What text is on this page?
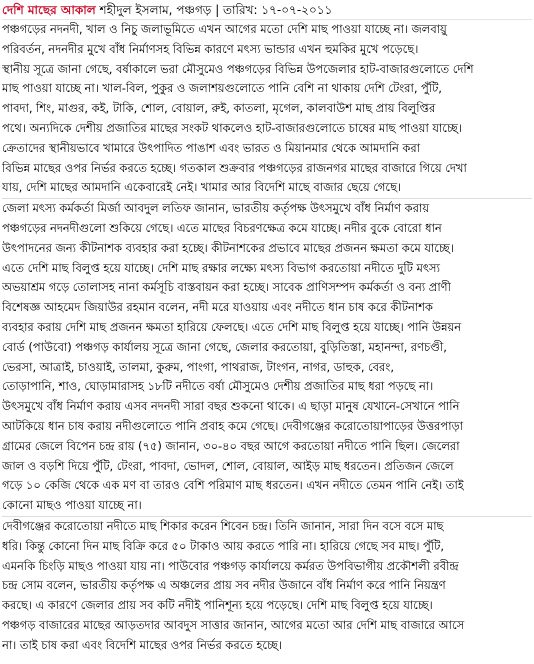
দেশি মাছের আকাল শহীদুল ইসলাম, পঞ্চগড় | তারিখ: ১৭-০৭-২০১১
পঞ্চগড়ের নদনদী, খাল ও নিচু জলাভূমিতে এখন আগের মতো দেশি মাছ পাওয়া যাচ্ছে না। জলবায়ু
পরিবর্তন, নদনদীর মুখে বাঁধ নির্মাণসহ বিভিন্ন কারণে মৎস্য ভান্ডার এখন হুমকির মুখে পড়েছে।
স্থানীয় সূত্রে জানা গেছে, বর্ষাকালে ভরা মৌসুমেও পঞ্চগড়ের বিভিন্ন উপজেলার হাট-বাজারগুলোতে দেশি
মাছ পাওয়া যাচ্ছে না। খাল-বিল, পুকুর ও জলাশয়গুলোতে পানি বেশি না থাকায় দেশি টেংরা, পুঁটি,
পাবদা, শিং, মাগুর, কই, টাকি, শোল, বোয়াল, রুই, কাতলা, মৃগেল, কালবাউশ মাছ প্রায় বিলুপ্তির
পথে। অন্যদিকে দেশীয় প্রজাতির মাছের সংকট থাকলেও হাট-বাজারগুলোতে চাষের মাছ পাওয়া যাচ্ছে।
ক্রেতাদের স্থানীয়ভাবে খামারে উৎপাদিত পাঙাশ এবং ভারত ও মিয়ানমার থেকে আমদানি করা
বিভিন্ন মাছের ওপর নির্ভর করতে হচ্ছে। গতকাল শুক্রবার পঞ্চগড়ের রাজনগর মাছের বাজারে গিয়ে দেখা
যায়, দেশি মাছের আমদানি একেবারেই নেই। খামার আর বিদেশি মাছে বাজার ছেয়ে গেছে।
জেলা মৎস্য কর্মকর্তা মির্জা আবদুল লতিফ জানান, ভারতীয় কর্তৃপক্ষ উৎসমুখে বাঁধ নির্মাণ করায়
পঞ্চগড়ের নদনদীগুলো শুকিয়ে গেছে। এতে মাছের বিচরণক্ষেত্র কমে যাচ্ছে। নদীর বুকে বোরো ধান
উৎপাদনের জন্য কীটনাশক ব্যবহার করা হচ্ছে। কীটনাশকের প্রভাবে মাছের প্রজনন ক্ষমতা কমে যাচ্ছে।
এতে দেশি মাছ বিলুপ্ত হয়ে যাচ্ছে। দেশি মাছ রক্ষার লক্ষ্যে মৎস্য বিভাগ করতোয়া নদীতে দুটি মৎস্য
অভয়াশ্রম গড়ে তোলাসহ নানা কর্মসূচি বাস্তবায়ন করা হচ্ছে। সাবেক প্রাণিসম্পদ কর্মকর্তা ও বন্য প্রাণী
বিশেষজ্ঞ আহমেদ জিয়াউর রহমান বলেন, নদী মরে যাওয়ায় এবং নদীতে ধান চাষ করে কীটনাশক
ব্যবহার করায় দেশি মাছ প্রজনন ক্ষমতা হারিয়ে ফেলছে। এতে দেশি মাছ বিলুপ্ত হয়ে যাচ্ছে। পানি উন্নয়ন
বোর্ড (পাউবো) পঞ্চগড় কার্যালয় সূত্রে জানা গেছে, জেলার করতোয়া, বুড়িতিস্তা, মহানন্দা, রণচণ্ডী,
ভেরসা, আত্রাই, চাওয়াই, তালমা, কুরুম, পাংগা, পাথরাজ, টাংগন, নাগর, ডাহুক, বেরং,
তোড়াপানি, শাও, ঘোড়ামারাসহ ১৮টি নদীতে বর্ষা মৌসুমেও দেশীয় প্রজাতির মাছ ধরা পড়ছে না।
উৎসমুখে বাঁধ নির্মাণ করায় এসব নদনদী সারা বছর শুকনো থাকে। এ ছাড়া মানুষ যেখানে-সেখানে পানি
আটকিয়ে ধান চাষ করায় নদীগুলোতে পানি প্রবাহ কমে গেছে। দেবীগঞ্জের করোতোয়াপাড়ের উত্তরপাড়া
গ্রামের জেলে বিপেন চন্দ্র রায় (৭৫) জানান, ৩০-৪০ বছর আগে করতোয়া নদীতে পানি ছিল। জেলেরা
জাল ও বড়শি দিয়ে পুঁটি, টেংরা, পাবদা, ভোদল, শোল, বোয়াল, আইড় মাছ ধরতেন। প্রতিজন জেলে
গড়ে ১০ কেজি থেকে এক মণ বা তারও বেশি পরিমাণ মাছ ধরতেন। এখন নদীতে তেমন পানি নেই। তাই
কোনো মাছও পাওয়া যাচ্ছে না।
দেবীগঞ্জের করোতোয়া নদীতে মাছ শিকার করেন শিবেন চন্দ্র। তিনি জানান, সারা দিন বসে বসে মাছ
ধরি। কিন্তু কোনো দিন মাছ বিক্রি করে ৫০ টাকাও আয় করতে পারি না। হারিয়ে গেছে সব মাছ। পুঁটি,
এমনকি চিংড়ি মাছও পাওয়া যায় না। পাউবোর পঞ্চগড় কার্যালয়ে কর্মরত উপবিভাগীয় প্রকৌশলী রবীন্দ্র
চন্দ্র সোম বলেন, ভারতীয় কর্তৃপক্ষ এ অঞ্চলের প্রায় সব নদীর উজানে বাঁধ নির্মাণ করে পানি নিয়ন্ত্রণ
করছে। এ কারণে জেলার প্রায় সব কটি নদীই পানিশূন্য হয়ে পড়েছে। দেশি মাছ বিলুপ্ত হয়ে যাচ্ছে।
পঞ্চগড় বাজারের মাছের আড়তদার আবদুস সাত্তার জানান, আগের মতো আর দেশি মাছ বাজারে আসে
না। তাই চাষ করা এবং বিদেশি মাছের ওপর নির্ভর করতে হচ্ছে।
